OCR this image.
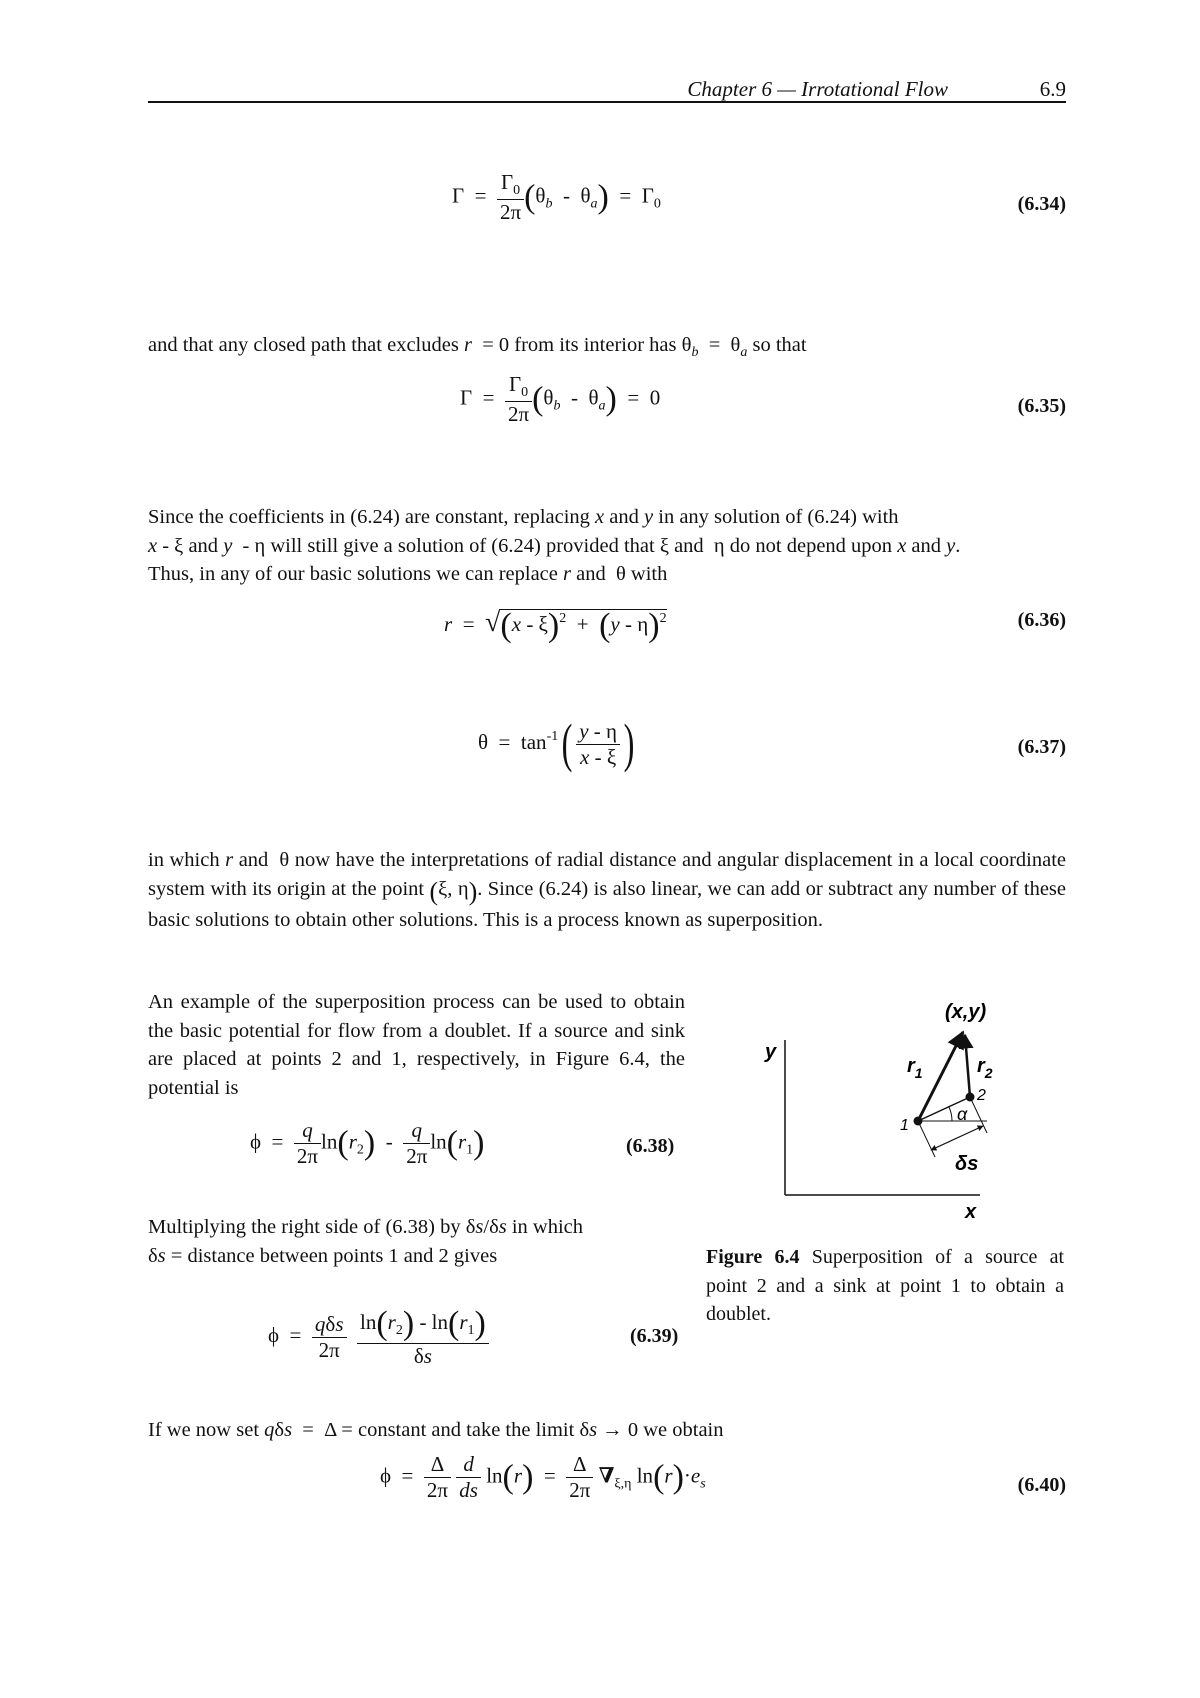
Chapter 6 — Irrotational Flow	6.9
$\Gamma = \frac{\Gamma_0}{2\pi} (\theta_b - \theta_a) = \Gamma_0$	(6.34)

and that any closed path that excludes r  = 0 from its interior has $\theta_b = \theta_a$ so that

$\Gamma = \frac{\Gamma_0}{2\pi} (\theta_b - \theta_a) = 0$	(6.35)

Since the coefficients in (6.24) are constant, replacing x and y in any solution of (6.24) with
x - ξ and y  - η will still give a solution of (6.24) provided that ξ and  η do not depend upon x and y.
Thus, in any of our basic solutions we can replace r and  θ with

r  =  √(x - ξ)$^2$  +  (y - η)$^2$	(6.36)
$\theta = \tan^{-1}( \frac{y - \eta}{x - \xi}$ )	(6.37)

in which r and  θ now have the interpretations of radial distance and angular displacement in a local coordinate system with its origin at the point (ξ, η). Since (6.24) is also linear, we can add or subtract any number of these basic solutions to obtain other solutions. This is a process known as superposition.

An example of the superposition process can be used to obtain the basic potential for flow from a doublet. If a source and sink are placed at points 2 and 1, respectively, in Figure 6.4, the potential is

$\phi = \frac{q}{2\pi} \ln(r_2) - \frac{q}{2\pi} \ln(r_1)$	(6.38)

Multiplying the right side of (6.38) by δs/δs in which
δs = distance between points 1 and 2 gives

$\phi = \frac{\text{qδs}}{2\pi}$
$\frac{\ln(r_2) - \ln(r_1)}{\delta s}$	(6.39)

If we now set qδs  =  Δ = constant and take the limit δs → 0 we obtain

$\phi = \frac{\Delta}{2\pi}$
$\frac{d}{ds} \ln(r) = \frac{\Delta}{2\pi} \nabla_{\xi,\eta}$ $\ln(r)\cdot e_s$	(6.40)
y
x
(x,y)
$r_1$	$r_2$
1
2
α
δs
Figure 6.4 Superposition of a source at point 2 and a sink at point 1 to obtain a doublet.
